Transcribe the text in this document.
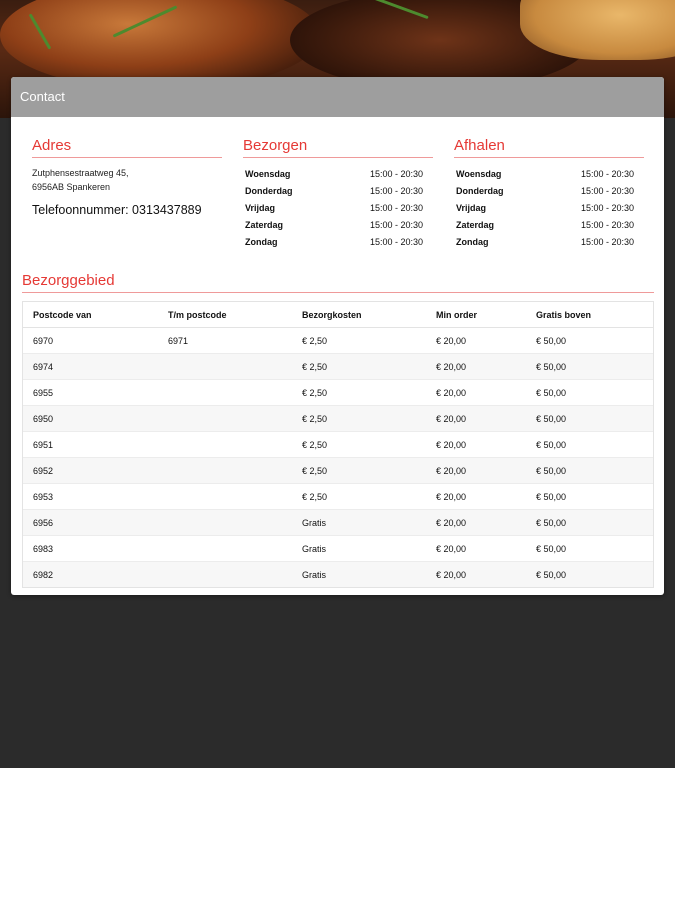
Contact
Adres
Zutphensestraatweg 45,
6956AB Spankeren
Telefoonnummer: 0313437889
Bezorgen
Woensdag	15:00 - 20:30
Donderdag	15:00 - 20:30
Vrijdag	15:00 - 20:30
Zaterdag	15:00 - 20:30
Zondag	15:00 - 20:30
Afhalen
Woensdag	15:00 - 20:30
Donderdag	15:00 - 20:30
Vrijdag	15:00 - 20:30
Zaterdag	15:00 - 20:30
Zondag	15:00 - 20:30
Bezorggebied
Postcode van	T/m postcode	Bezorgkosten	Min order	Gratis boven
6970	6971	€ 2,50	€ 20,00	€ 50,00
6974		€ 2,50	€ 20,00	€ 50,00
6955		€ 2,50	€ 20,00	€ 50,00
6950		€ 2,50	€ 20,00	€ 50,00
6951		€ 2,50	€ 20,00	€ 50,00
6952		€ 2,50	€ 20,00	€ 50,00
6953		€ 2,50	€ 20,00	€ 50,00
6956		Gratis	€ 20,00	€ 50,00
6983		Gratis	€ 20,00	€ 50,00
6982		Gratis	€ 20,00	€ 50,00
